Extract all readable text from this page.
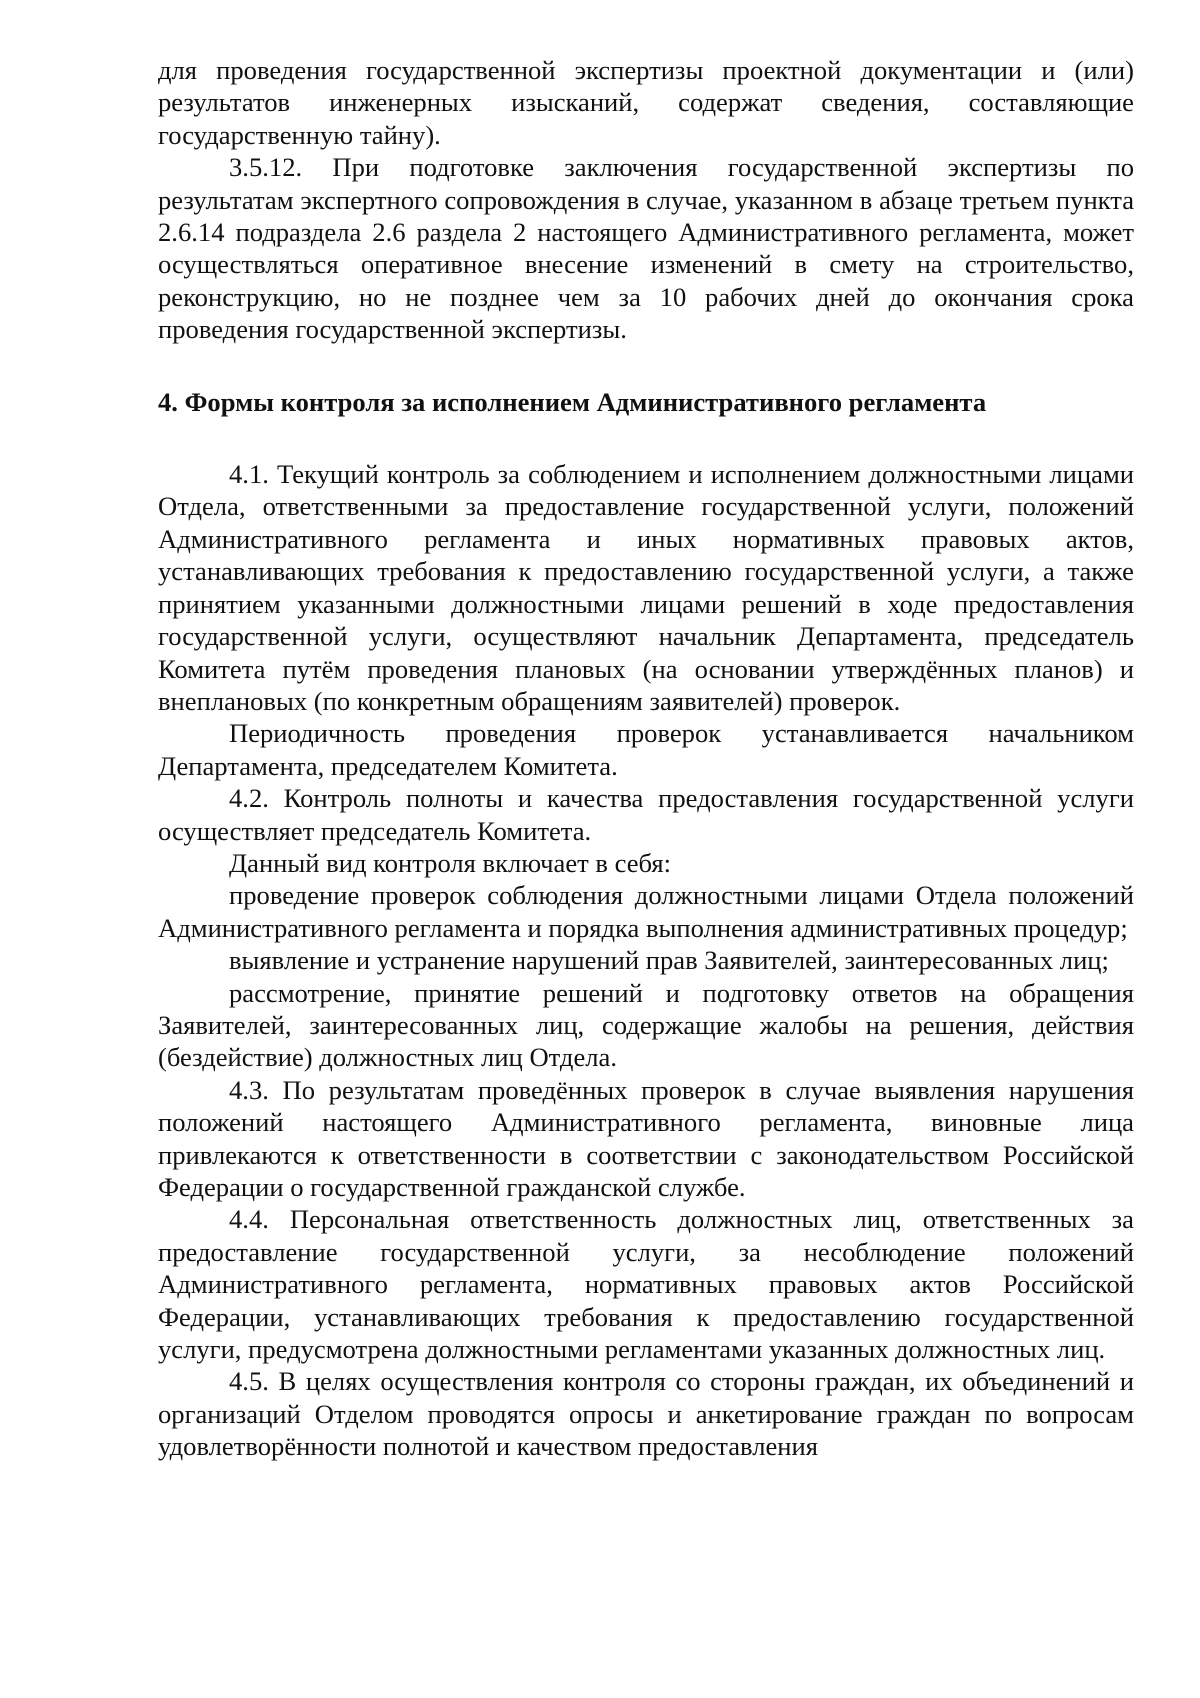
для проведения государственной экспертизы проектной документации и (или) результатов инженерных изысканий, содержат сведения, составляющие государственную тайну).

3.5.12. При подготовке заключения государственной экспертизы по результатам экспертного сопровождения в случае, указанном в абзаце третьем пункта 2.6.14 подраздела 2.6 раздела 2 настоящего Административного регламента, может осуществляться оперативное внесение изменений в смету на строительство, реконструкцию, но не позднее чем за 10 рабочих дней до окончания срока проведения государственной экспертизы.

4. Формы контроля за исполнением Административного регламента

4.1. Текущий контроль за соблюдением и исполнением должностными лицами Отдела, ответственными за предоставление государственной услуги, положений Административного регламента и иных нормативных правовых актов, устанавливающих требования к предоставлению государственной услуги, а также принятием указанными должностными лицами решений в ходе предоставления государственной услуги, осуществляют начальник Департамента, председатель Комитета путём проведения плановых (на основании утверждённых планов) и внеплановых (по конкретным обращениям заявителей) проверок.

Периодичность проведения проверок устанавливается начальником Департамента, председателем Комитета.

4.2. Контроль полноты и качества предоставления государственной услуги осуществляет председатель Комитета.

Данный вид контроля включает в себя:

проведение проверок соблюдения должностными лицами Отдела положений Административного регламента и порядка выполнения административных процедур;

выявление и устранение нарушений прав Заявителей, заинтересованных лиц;

рассмотрение, принятие решений и подготовку ответов на обращения Заявителей, заинтересованных лиц, содержащие жалобы на решения, действия (бездействие) должностных лиц Отдела.

4.3. По результатам проведённых проверок в случае выявления нарушения положений настоящего Административного регламента, виновные лица привлекаются к ответственности в соответствии с законодательством Российской Федерации о государственной гражданской службе.

4.4. Персональная ответственность должностных лиц, ответственных за предоставление государственной услуги, за несоблюдение положений Административного регламента, нормативных правовых актов Российской Федерации, устанавливающих требования к предоставлению государственной услуги, предусмотрена должностными регламентами указанных должностных лиц.

4.5. В целях осуществления контроля со стороны граждан, их объединений и организаций Отделом проводятся опросы и анкетирование граждан по вопросам удовлетворённости полнотой и качеством предоставления
